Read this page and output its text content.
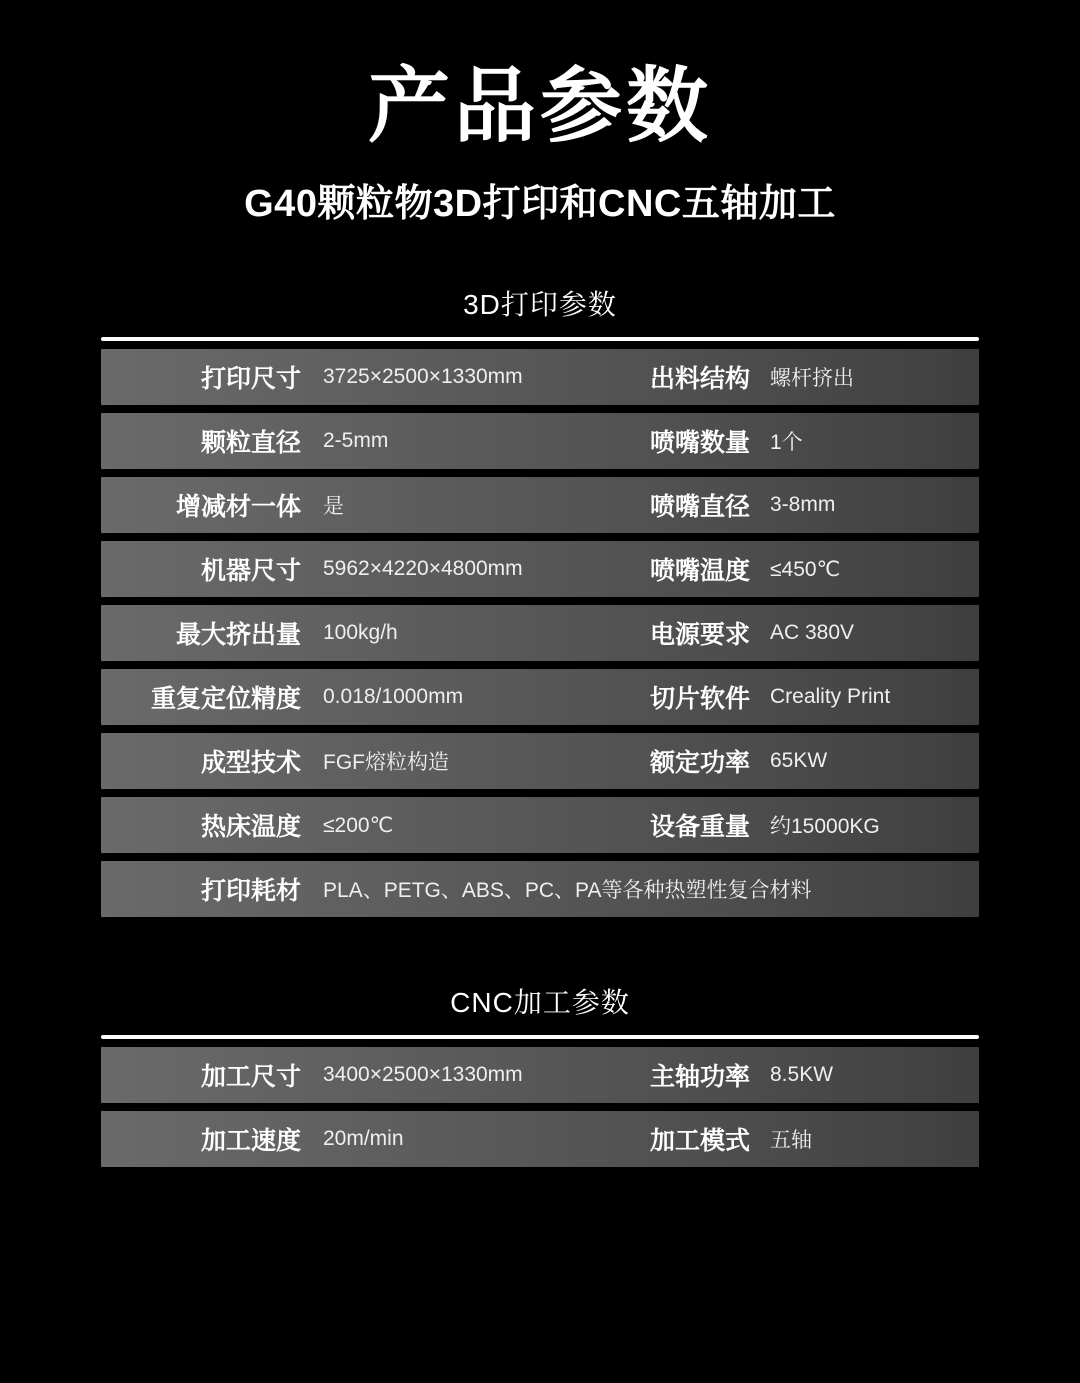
产品参数
G40颗粒物3D打印和CNC五轴加工
3D打印参数
打印尺寸	3725×2500×1330mm	出料结构 螺杆挤出
颗粒直径	2-5mm	喷嘴数量 1个
增减材一体	是	喷嘴直径 3-8mm
机器尺寸	5962×4220×4800mm	喷嘴温度 ≤450℃
最大挤出量	100kg/h	电源要求 AC 380V
重复定位精度	0.018/1000mm	切片软件 Creality Print
成型技术	FGF熔粒构造	额定功率 65KW
热床温度	≤200℃	设备重量 约15000KG
打印耗材	PLA、PETG、ABS、PC、PA等各种热塑性复合材料
CNC加工参数
加工尺寸	3400×2500×1330mm	主轴功率 8.5KW
加工速度	20m/min	加工模式 五轴
